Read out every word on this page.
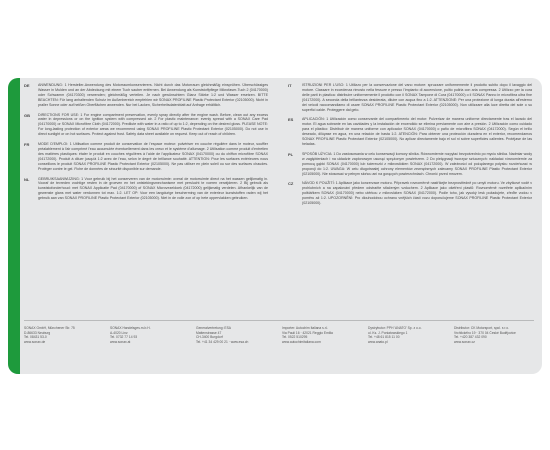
DE ANWENDUNG: 1 Hersteller-Anwendung des Motorraumkonservierers. Nicht durch das Motorraum gleichmäßig einsprühen. Überschüssiges Wasser in Mulden und an der Abdeckung mit einem Tuch sauber entfernen. Bei Anwendung als Kunststoffpflege Mikrofaser-Tuch 2 (04170000) oder Schwamm (04170300) verwenden; gleichmäßig verteilen. Je nach gewünschtem Glanz Stärke 1:2 und Wasser ersetzen. BITTE BEACHTEN: Für lang anhaltenden Schutz im Außenbereich empfehlen wir SONAX PROFILINE Plastic Protectant Exterior (02105000). Nicht in praller Sonne oder auf heißen Oberflächen anwenden. Nur bei Lacken, Sicherheitsdatenblatt auf Anfrage erhältlich.

GB DIRECTIONS FOR USE: 1 For engine compartment preservation, evenly spray directly after the engine wash. Before, clean out any excess water in depressions or on the ignition system with compressed air. 2 For plastic maintenance: evenly spread with a SONAX Care Pad (04170000) or SONAX Microfibre Cloth (04172000). Predilute with water in a ratio of up to 1:2, depending on the desired gloss. PLEASE NOTE: For long-lasting protection of exterior areas we recommend using SONAX PROFILINE Plastic Protectant Exterior (02105000). Do not use in direct sunlight or on hot surfaces. Protect against frost. Safety data sheet available on request. Keep out of reach of children.

FR MODE D'EMPLOI: 1 Utilisation comme produit de conservation de l'espace moteur: pulvériser en couche régulière dans le moteur, souffler préalablement à l'air comprimé l'eau accumulée éventuellement dans les creux et le système d'allumage. 2 Utilisation comme produit d'entretien des matières plastiques: étaler le produit en couches régulières à l'aide de l'applicateur SONAX (04170000) ou du chiffon microfibre SONAX (04172000). Produit à diluer jusqu'à 1:2 avec de l'eau, selon le degré de brillance souhaité. ATTENTION: Pour les surfaces extérieures nous conseillons le produit SONAX PROFILINE Plastic Protectant Exterior (02105000). Ne pas utiliser en plein soleil ou sur des surfaces chaudes. Protéger contre le gel. Fiche de données de sécurité disponible sur demande.

NL GEBRUIKSAANWIJZING: 1 Voor gebruik bij het conserveren van de motorruimte: overal de motorruimte direct na het wassen gelijkmatig in. Vooraf de tevreden vochtige resten in de groeven en het ontstekingsmechanisme met perslucht te voeren verwijderen. 2 Bij gebruik als kunststofonderhoud: met SONAX Applicatie Pad (04170000) of SONAX Microvezeldoek (04172000) gelijkmatig verdelen. Afhankelijk van de gewenste glans met water verdunnen tot max. 1:2. LET OP: Voor een langdurige bescherming van de exterieur kunststoffen raden wij het gebruik aan van SONAX PROFILINE Plastic Protectant Exterior (02105000). Niet in de volle zon of op hete oppervlakken gebruiken.

IT	ISTRUZIONI PER L'USO: 1 Utilizzo per la conservazione del vano motore: spruzzare uniformemente il prodotto subito dopo il lavaggio del motore. Classare in eccedenza rimosto nella fessure e presso l'impianto di accensione, pulito pulirla con aria compressa. 2 Utilizzo per la cura delle parti in plastica: distribuire uniformemente il prodotto con il SONAX Tampone di Cura (04170000) o il SONAX Panno in microfibra ultra fine (04172000). A seconda della brillantezza desiderata, diluire con acqua fino a 1:2. ATTENZIONE: Per una protezione di lunga durata all'esterno dei veicoli raccomandiamo di usare SONAX PROFILINE Plastic Protectant Exterior (02105000). Non utilizzare alla luce diretta del sole o su superfici calde. Proteggere dal gelo.

ES APLICACIÓN: 1 Utilización como conservante del compartimento del motor: Pulverizar de manera uniforme directamente tras el lavado del motor. El agua sobrante en las cavidades y la instalación de encendido se elimina previamente con aire a presión. 2 Utilización como cuidado para el plástico: Distribuir de manera uniforme con aplicador SONAX (04170000) o paño de microfibra SONAX (04172000). Según el brillo deseado, dilúyase en agua, en una relación de hasta 1:2. ATENCIÓN: Para obtener una protección duradera en el exterior, recomendamos SONAX PROFILINE Plastic Protectant Exterior (02105000). No aplicar directamente bajo el sol ni sobre superficies calientes. Protéjase de las heladas.

PL SPOSÓB UŻYCIA: 1 Do zastosowania w celu konserwacji komory silnika. Równomiernie rozpylać bezpośrednio po myciu silnika. Nadmiar wody w zagłębieniach i na układzie zapłonowym usunąć sprężonym powietrzem. 2 Do pielęgnacji tworzyw sztucznych: nakładać równomiernie za pomocą gąbki SONAX (04170000) lub ściereczki z mikrowłókien SONAX (04172000). W zależności od pożądanego połysku rozcieńczać w proporcji do 1:2. UWAGA: W celu długotrwałej ochrony elementów zewnętrznych zalecamy SONAX PROFILINE Plastic Protectant Exterior (02105000). Nie stosować w pełnym słońcu ani na gorących powierzchniach. Chronić przed mrozem.

CZ NÁVOD K POUŽITÍ: 1 Aplikace jako konzervace motoru. Přípravek rovnoměrně nastříkejte bezprostředně po umytí motoru. Ve zbytkové vodě v prohlubních a na zapalování předem odstraňte stlačeným vzduchem. 2 Aplikace jako ošetření plastů: Rovnoměrně rozetřete aplikačním polštářkem SONAX (04170000) nebo utěrkou z mikrovláken SONAX (04172000). Podle toho, jak vysoký lesk požadujete, zřeďte vodou v poměru až 1:2. UPOZORNĚNÍ: Pro dlouhodobou ochranu vnějších částí vozu doporučujeme SONAX PROFILINE Plastic Protectant Exterior (02105000).

SONAX GmbH, Münchener Str. 75
D-86633 Neuburg
Tel. 08431 53-0
www.sonax.de
SONAX Handelsges.m.b.H.
A-4020 Linz
Tel. 0732 77 14 93
www.sonax.at
Generalvertretung: ESA
Mattenstrasse 47
CH-3400 Burgdorf
Tel. +41 34 429 00 21 · www.esa.ch
Importer: Autochim Italiana s.r.l.
Via Pauli 16 · 42021 Reggio Emilia
Tel. 0522 510295
www.autochimitaliana.com
Dystrybutor: PPH 'ANATO' Sp. z o.o.
ul. Ks. J. Poniatowskiego 1
Tel. +48 61 815 11 00
www.anato.pl
Distributor: CK Motorsport, spol. s r.o.
Vrchlického 19 · 370 04 České Budějovice
Tel. +420 387 432 090
www.sonax.cz
